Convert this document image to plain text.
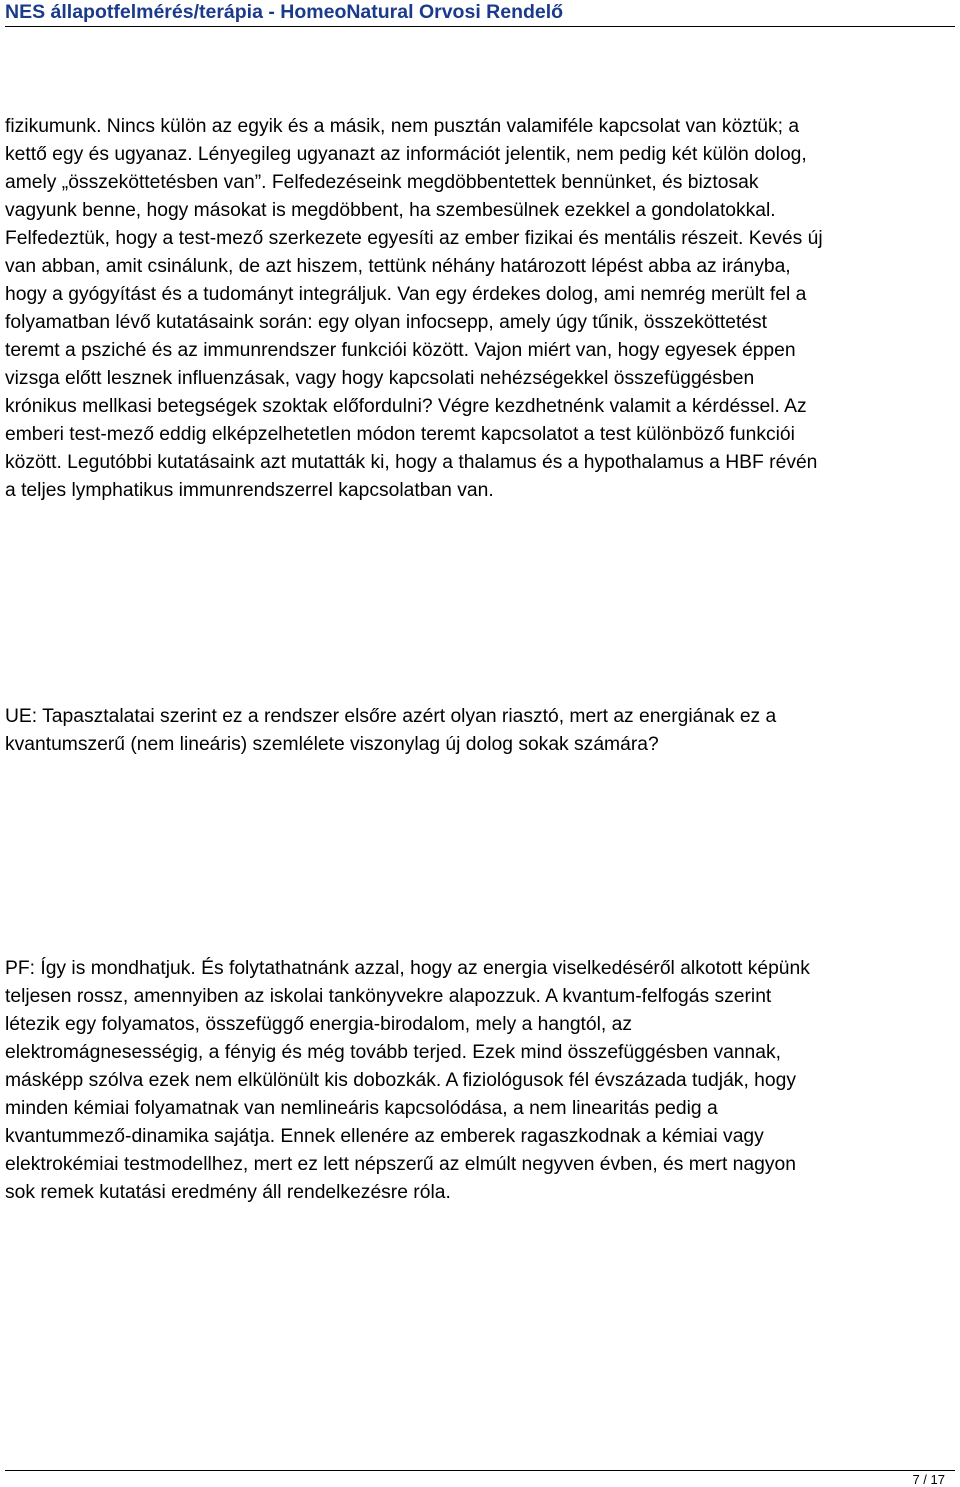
NES állapotfelmérés/terápia - HomeoNatural Orvosi Rendelő

fizikumunk. Nincs külön az egyik és a másik, nem pusztán valamiféle kapcsolat van köztük; a
kettő egy és ugyanaz. Lényegileg ugyanazt az információt jelentik, nem pedig két külön dolog,
amely „összeköttetésben van”. Felfedezéseink megdöbbentettek bennünket, és biztosak
vagyunk benne, hogy másokat is megdöbbent, ha szembesülnek ezekkel a gondolatokkal.
Felfedeztük, hogy a test-mező szerkezete egyesíti az ember fizikai és mentális részeit. Kevés új
van abban, amit csinálunk, de azt hiszem, tettünk néhány határozott lépést abba az irányba,
hogy a gyógyítást és a tudományt integráljuk. Van egy érdekes dolog, ami nemrég merült fel a
folyamatban lévő kutatásaink során: egy olyan infocsepp, amely úgy tűnik, összeköttetést
teremt a psziché és az immunrendszer funkciói között. Vajon miért van, hogy egyesek éppen
vizsga előtt lesznek influenzásak, vagy hogy kapcsolati nehézségekkel összefüggésben
krónikus mellkasi betegségek szoktak előfordulni? Végre kezdhetnénk valamit a kérdéssel. Az
emberi test-mező eddig elképzelhetetlen módon teremt kapcsolatot a test különböző funkciói
között. Legutóbbi kutatásaink azt mutatták ki, hogy a thalamus és a hypothalamus a HBF révén
a teljes lymphatikus immunrendszerrel kapcsolatban van.

UE: Tapasztalatai szerint ez a rendszer elsőre azért olyan riasztó, mert az energiának ez a
kvantumszerű (nem lineáris) szemlélete viszonylag új dolog sokak számára?

PF: Így is mondhatjuk. És folytathatnánk azzal, hogy az energia viselkedéséről alkotott képünk
teljesen rossz, amennyiben az iskolai tankönyvekre alapozzuk. A kvantum-felfogás szerint
létezik egy folyamatos, összefüggő energia-birodalom, mely a hangtól, az
elektromágnesességig, a fényig és még tovább terjed. Ezek mind összefüggésben vannak,
másképp szólva ezek nem elkülönült kis dobozkák. A fiziológusok fél évszázada tudják, hogy
minden kémiai folyamatnak van nemlineáris kapcsolódása, a nem linearitás pedig a
kvantummező-dinamika sajátja. Ennek ellenére az emberek ragaszkodnak a kémiai vagy
elektrokémiai testmodellhez, mert ez lett népszerű az elmúlt negyven évben, és mert nagyon
sok remek kutatási eredmény áll rendelkezésre róla.

7 / 17
